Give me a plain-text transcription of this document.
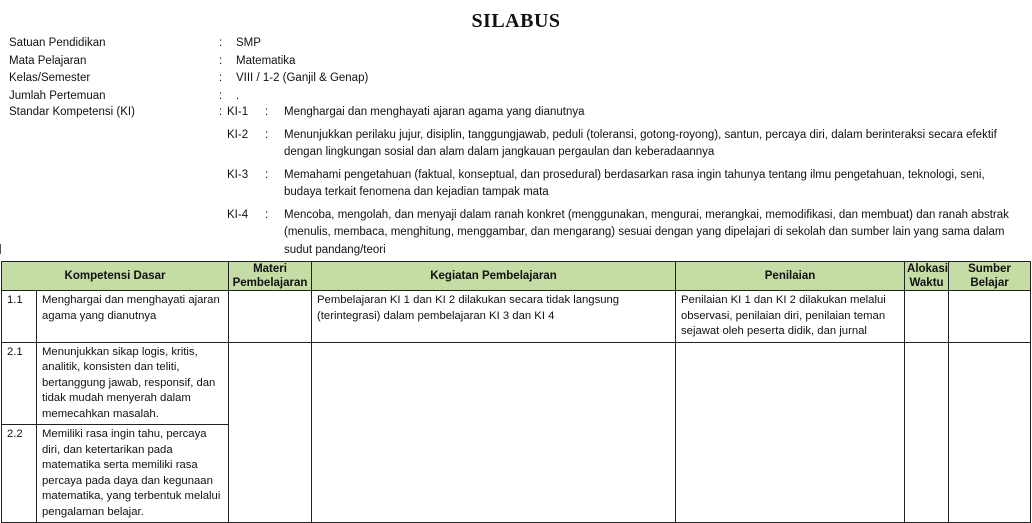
SILABUS
Satuan Pendidikan	: SMP
Mata Pelajaran	: Matematika
Kelas/Semester	: VIII / 1-2 (Ganjil & Genap)
Jumlah Pertemuan	: .
Standar Kompetensi (KI)	: KI-1 : Menghargai dan menghayati ajaran agama yang dianutnya
KI-2 : Menunjukkan perilaku jujur, disiplin, tanggungjawab, peduli (toleransi, gotong-royong), santun, percaya diri, dalam berinteraksi secara efektif dengan lingkungan sosial dan alam dalam jangkauan pergaulan dan keberadaannya
KI-3 : Memahami pengetahuan (faktual, konseptual, dan prosedural) berdasarkan rasa ingin tahunya tentang ilmu pengetahuan, teknologi, seni, budaya terkait fenomena dan kejadian tampak mata
KI-4 : Mencoba, mengolah, dan menyaji dalam ranah konkret (menggunakan, mengurai, merangkai, memodifikasi, dan membuat) dan ranah abstrak (menulis, membaca, menghitung, menggambar, dan mengarang) sesuai dengan yang dipelajari di sekolah dan sumber lain yang sama dalam sudut pandang/teori
Kompetensi Dasar		Materi Pembelajaran	Kegiatan Pembelajaran	Penilaian	Alokasi Waktu	Sumber Belajar
1.1	Menghargai dan menghayati ajaran agama yang dianutnya		Pembelajaran KI 1 dan KI 2 dilakukan secara tidak langsung (terintegrasi) dalam pembelajaran KI 3 dan KI 4	Penilaian KI 1 dan KI 2 dilakukan melalui observasi, penilaian diri, penilaian teman sejawat oleh peserta didik, dan jurnal		
2.1	Menunjukkan sikap logis, kritis, analitik, konsisten dan teliti, bertanggung jawab, responsif, dan tidak mudah menyerah dalam memecahkan masalah.					
2.2	Memiliki rasa ingin tahu, percaya diri, dan ketertarikan pada matematika serta memiliki rasa percaya pada daya dan kegunaan matematika, yang terbentuk melalui pengalaman belajar.					
